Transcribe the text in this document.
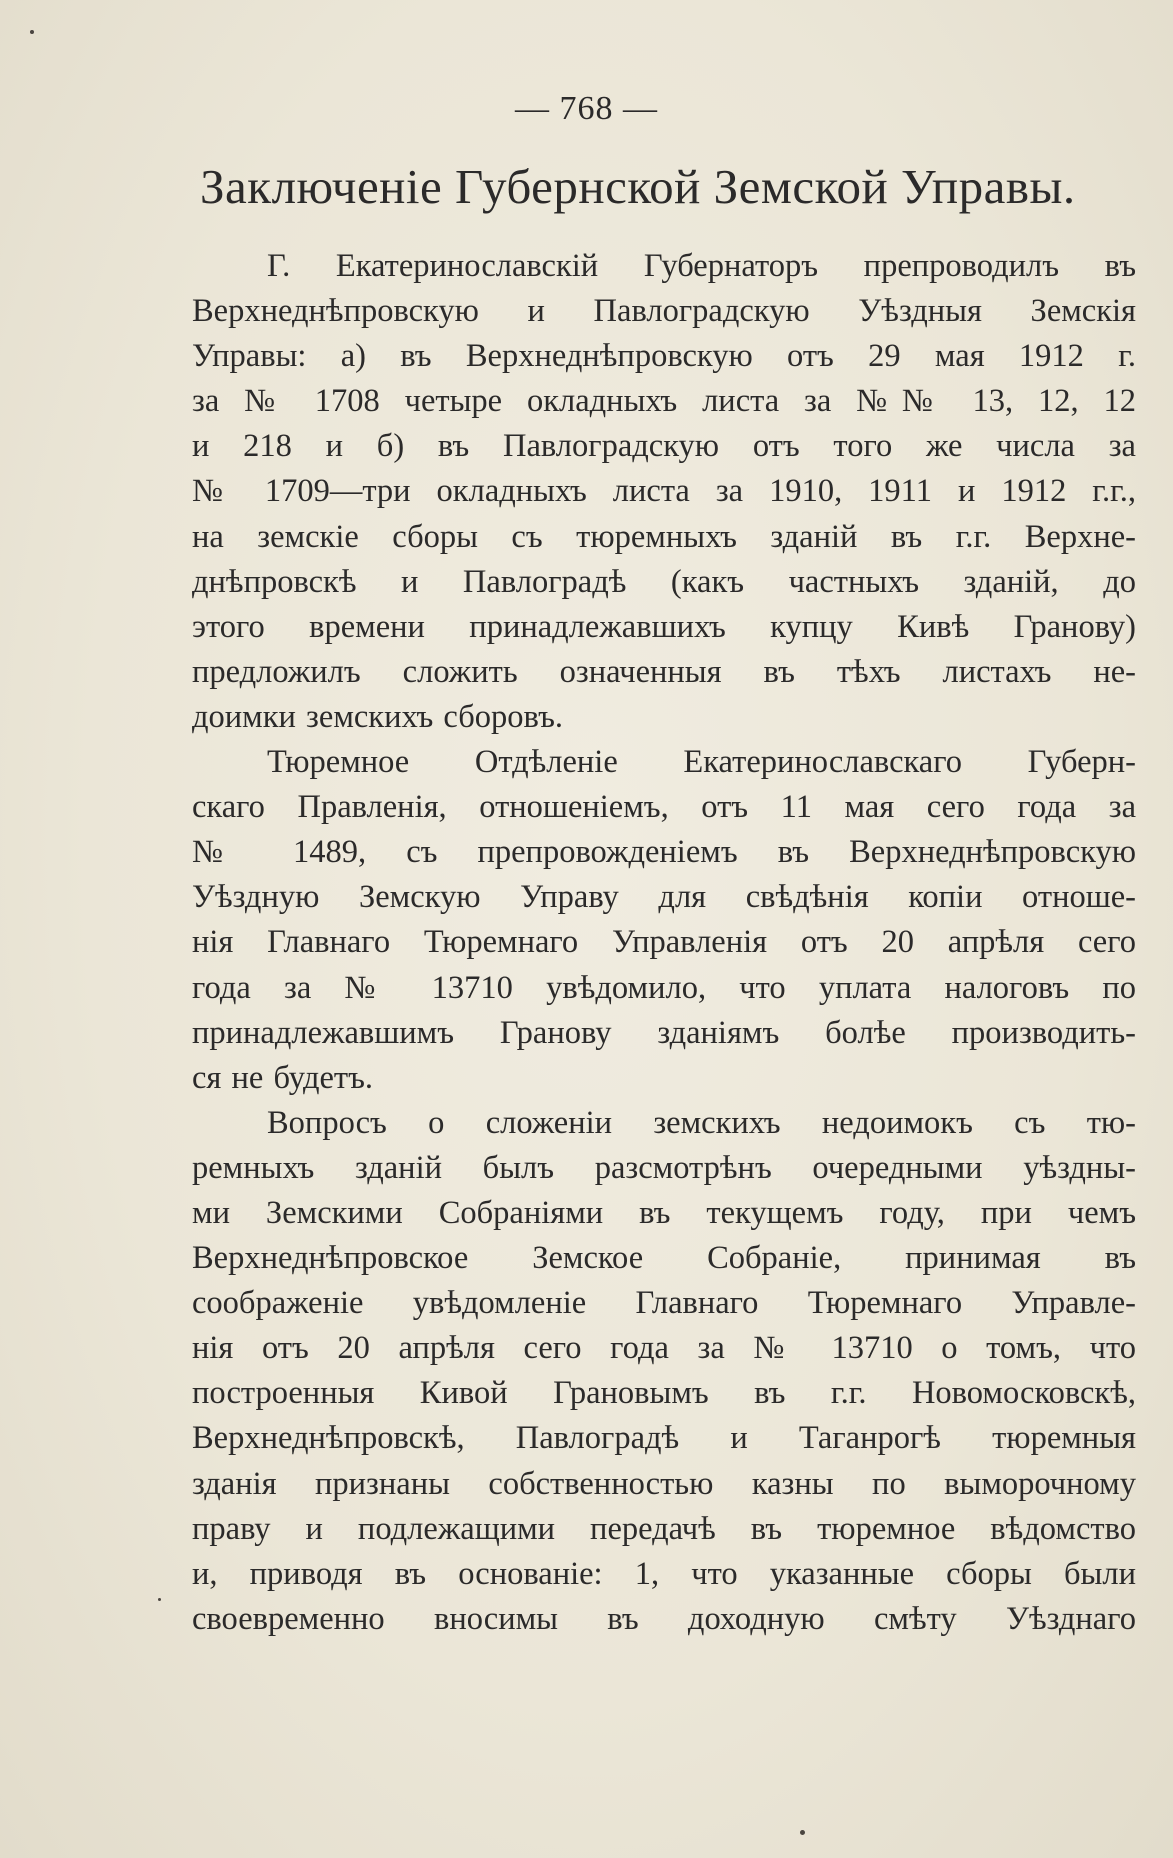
— 768 —
Заключеніе Губернской Земской Управы.
Г. Екатеринославскій Губернаторъ препроводилъ въ
Верхнеднѣпровскую и Павлоградскую Уѣздныя Земскія
Управы: а) въ Верхнеднѣпровскую отъ 29 мая 1912 г.
за № 1708 четыре окладныхъ листа за №№ 13, 12, 12
и 218 и б) въ Павлоградскую отъ того же числа за
№ 1709—три окладныхъ листа за 1910, 1911 и 1912 г.г.,
на земскіе сборы съ тюремныхъ зданій въ г.г. Верхне-
днѣпровскѣ и Павлоградѣ (какъ частныхъ зданій, до
этого времени принадлежавшихъ купцу Кивѣ Гранову)
предложилъ сложить означенныя въ тѣхъ листахъ не-
доимки земскихъ сборовъ.
Тюремное Отдѣленіе Екатеринославскаго Губерн-
скаго Правленія, отношеніемъ, отъ 11 мая сего года за
№ 1489, съ препровожденіемъ въ Верхнеднѣпровскую
Уѣздную Земскую Управу для свѣдѣнія копіи отноше-
нія Главнаго Тюремнаго Управленія отъ 20 апрѣля сего
года за № 13710 увѣдомило, что уплата налоговъ по
принадлежавшимъ Гранову зданіямъ болѣе производить-
ся не будетъ.
Вопросъ о сложеніи земскихъ недоимокъ съ тю-
ремныхъ зданій былъ разсмотрѣнъ очередными уѣздны-
ми Земскими Собраніями въ текущемъ году, при чемъ
Верхнеднѣпровское Земское Собраніе, принимая въ
соображеніе увѣдомленіе Главнаго Тюремнаго Управле-
нія отъ 20 апрѣля сего года за № 13710 о томъ, что
построенныя Кивой Грановымъ въ г.г. Новомосковскѣ,
Верхнеднѣпровскѣ, Павлоградѣ и Таганрогѣ тюремныя
зданія признаны собственностью казны по выморочному
праву и подлежащими передачѣ въ тюремное вѣдомство
и, приводя въ основаніе: 1, что указанные сборы были
своевременно вносимы въ доходную смѣту Уѣзднаго
